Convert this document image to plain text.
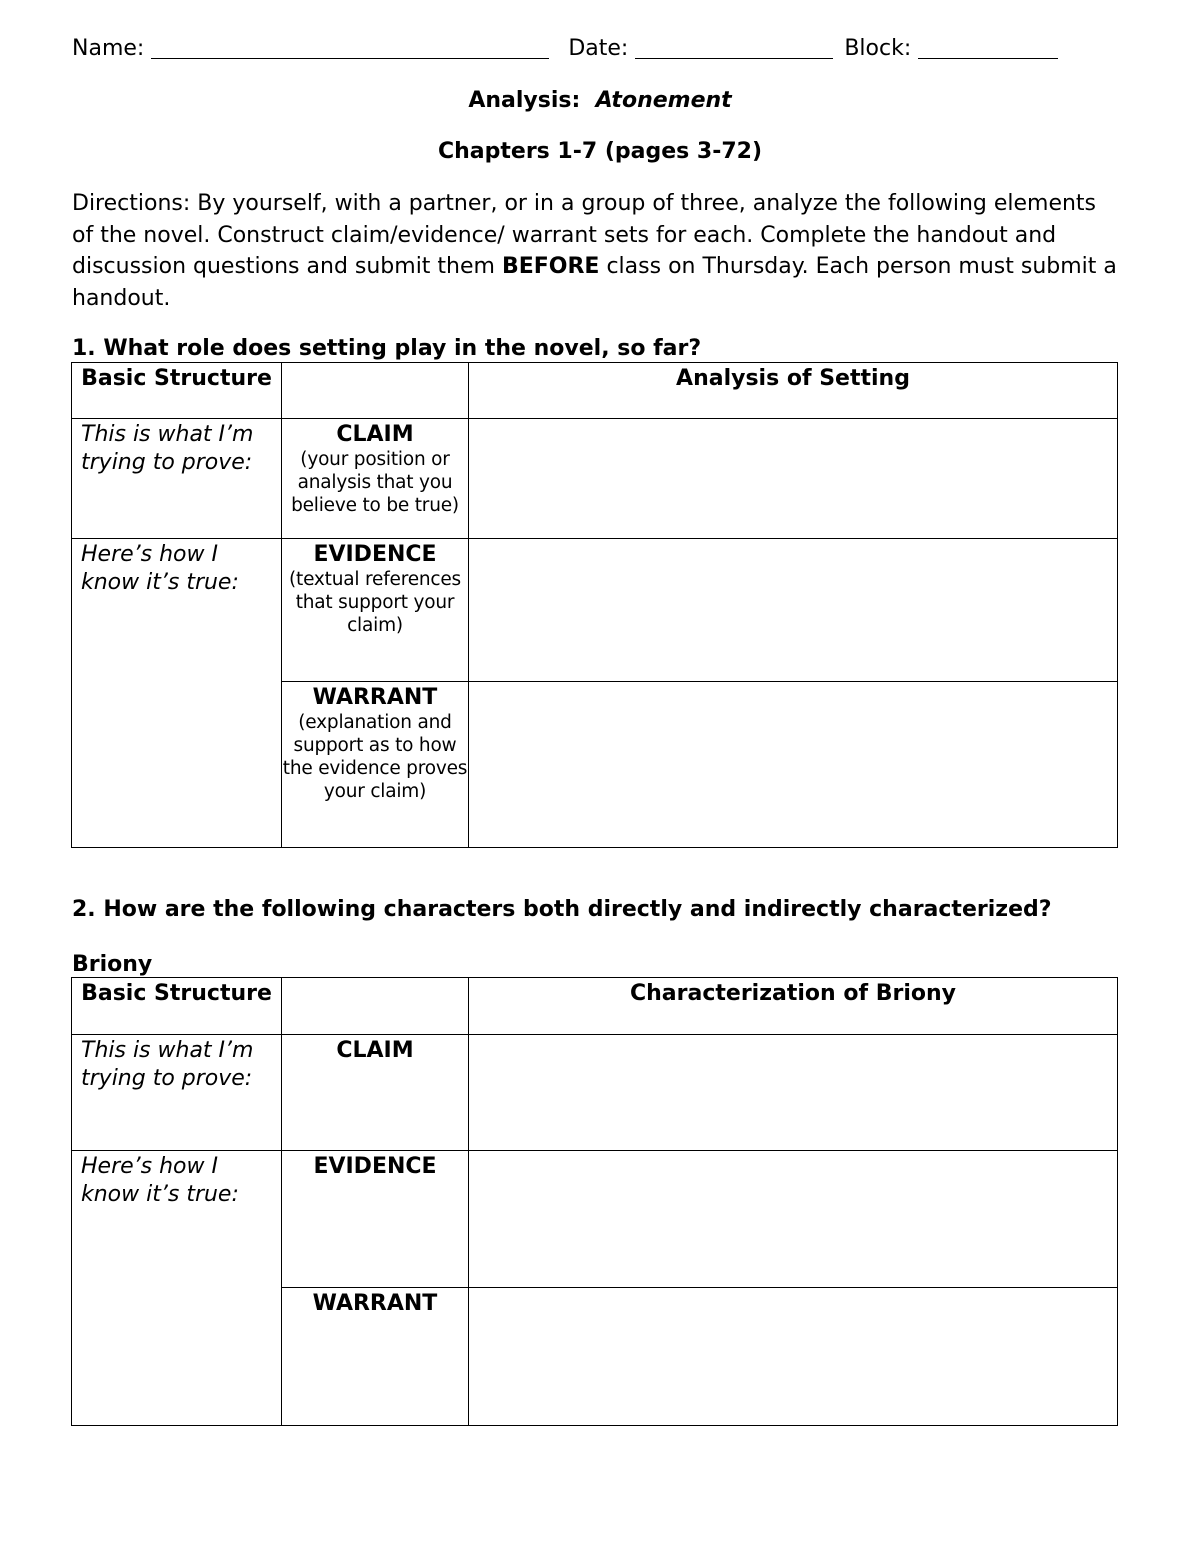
Name:	Date:	Block:
Analysis: Atonement
Chapters 1-7 (pages 3-72)
Directions: By yourself, with a partner, or in a group of three, analyze the following elements of the novel. Construct claim/evidence/ warrant sets for each. Complete the handout and discussion questions and submit them BEFORE class on Thursday. Each person must submit a handout.
1. What role does setting play in the novel, so far?
Basic Structure		Analysis of Setting

This is what I’m trying to prove:	CLAIM
(your position or analysis that you believe to be true)	

Here’s how I know it’s true:	EVIDENCE
(textual references that support your claim)	

	WARRANT
(explanation and support as to how the evidence proves your claim)	

2. How are the following characters both directly and indirectly characterized?
Briony
Basic Structure		Characterization of Briony

This is what I’m trying to prove:	CLAIM	

Here’s how I know it’s true:	EVIDENCE	

	WARRANT	
